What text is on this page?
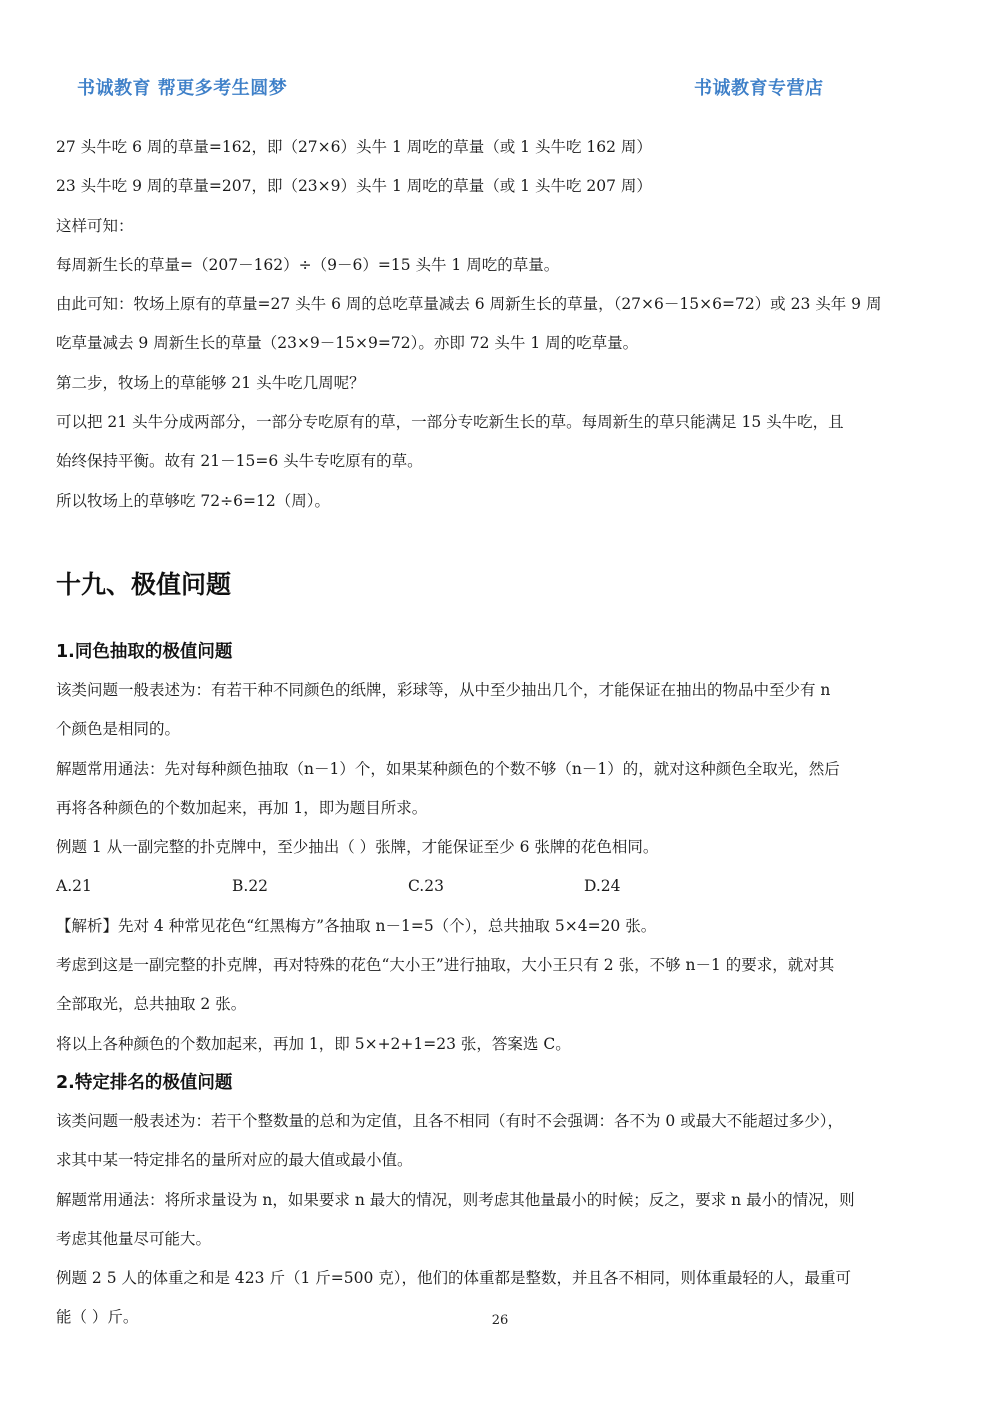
书诚教育 帮更多考生圆梦	书诚教育专营店

27 头牛吃 6 周的草量=162，即（27×6）头牛 1 周吃的草量（或 1 头牛吃 162 周）

23 头牛吃 9 周的草量=207，即（23×9）头牛 1 周吃的草量（或 1 头牛吃 207 周）

这样可知：

每周新生长的草量=（207－162）÷（9－6）=15 头牛 1 周吃的草量。

由此可知：牧场上原有的草量=27 头牛 6 周的总吃草量减去 6 周新生长的草量，（27×6－15×6=72）或 23 头年 9 周

吃草量减去 9 周新生长的草量（23×9－15×9=72）。亦即 72 头牛 1 周的吃草量。

第二步，牧场上的草能够 21 头牛吃几周呢？

可以把 21 头牛分成两部分，一部分专吃原有的草，一部分专吃新生长的草。每周新生的草只能满足 15 头牛吃，且

始终保持平衡。故有 21－15=6 头牛专吃原有的草。

所以牧场上的草够吃 72÷6=12（周）。

十九、极值问题
1.同色抽取的极值问题

该类问题一般表述为：有若干种不同颜色的纸牌，彩球等，从中至少抽出几个，才能保证在抽出的物品中至少有 n

个颜色是相同的。

解题常用通法：先对每种颜色抽取（n－1）个，如果某种颜色的个数不够（n－1）的，就对这种颜色全取光，然后

再将各种颜色的个数加起来，再加 1，即为题目所求。

例题 1 从一副完整的扑克牌中，至少抽出（ ）张牌，才能保证至少 6 张牌的花色相同。

A.21	B.22	C.23	D.24

【解析】先对 4 种常见花色“红黑梅方”各抽取 n－1=5（个），总共抽取 5×4=20 张。

考虑到这是一副完整的扑克牌，再对特殊的花色“大小王”进行抽取，大小王只有 2 张，不够 n－1 的要求，就对其

全部取光，总共抽取 2 张。

将以上各种颜色的个数加起来，再加 1，即 5×+2+1=23 张，答案选 C。

2.特定排名的极值问题

该类问题一般表述为：若干个整数量的总和为定值，且各不相同（有时不会强调：各不为 0 或最大不能超过多少），

求其中某一特定排名的量所对应的最大值或最小值。

解题常用通法：将所求量设为 n，如果要求 n 最大的情况，则考虑其他量最小的时候；反之，要求 n 最小的情况，则

考虑其他量尽可能大。

例题 2 5 人的体重之和是 423 斤（1 斤=500 克），他们的体重都是整数，并且各不相同，则体重最轻的人，最重可

能（ ）斤。	26
